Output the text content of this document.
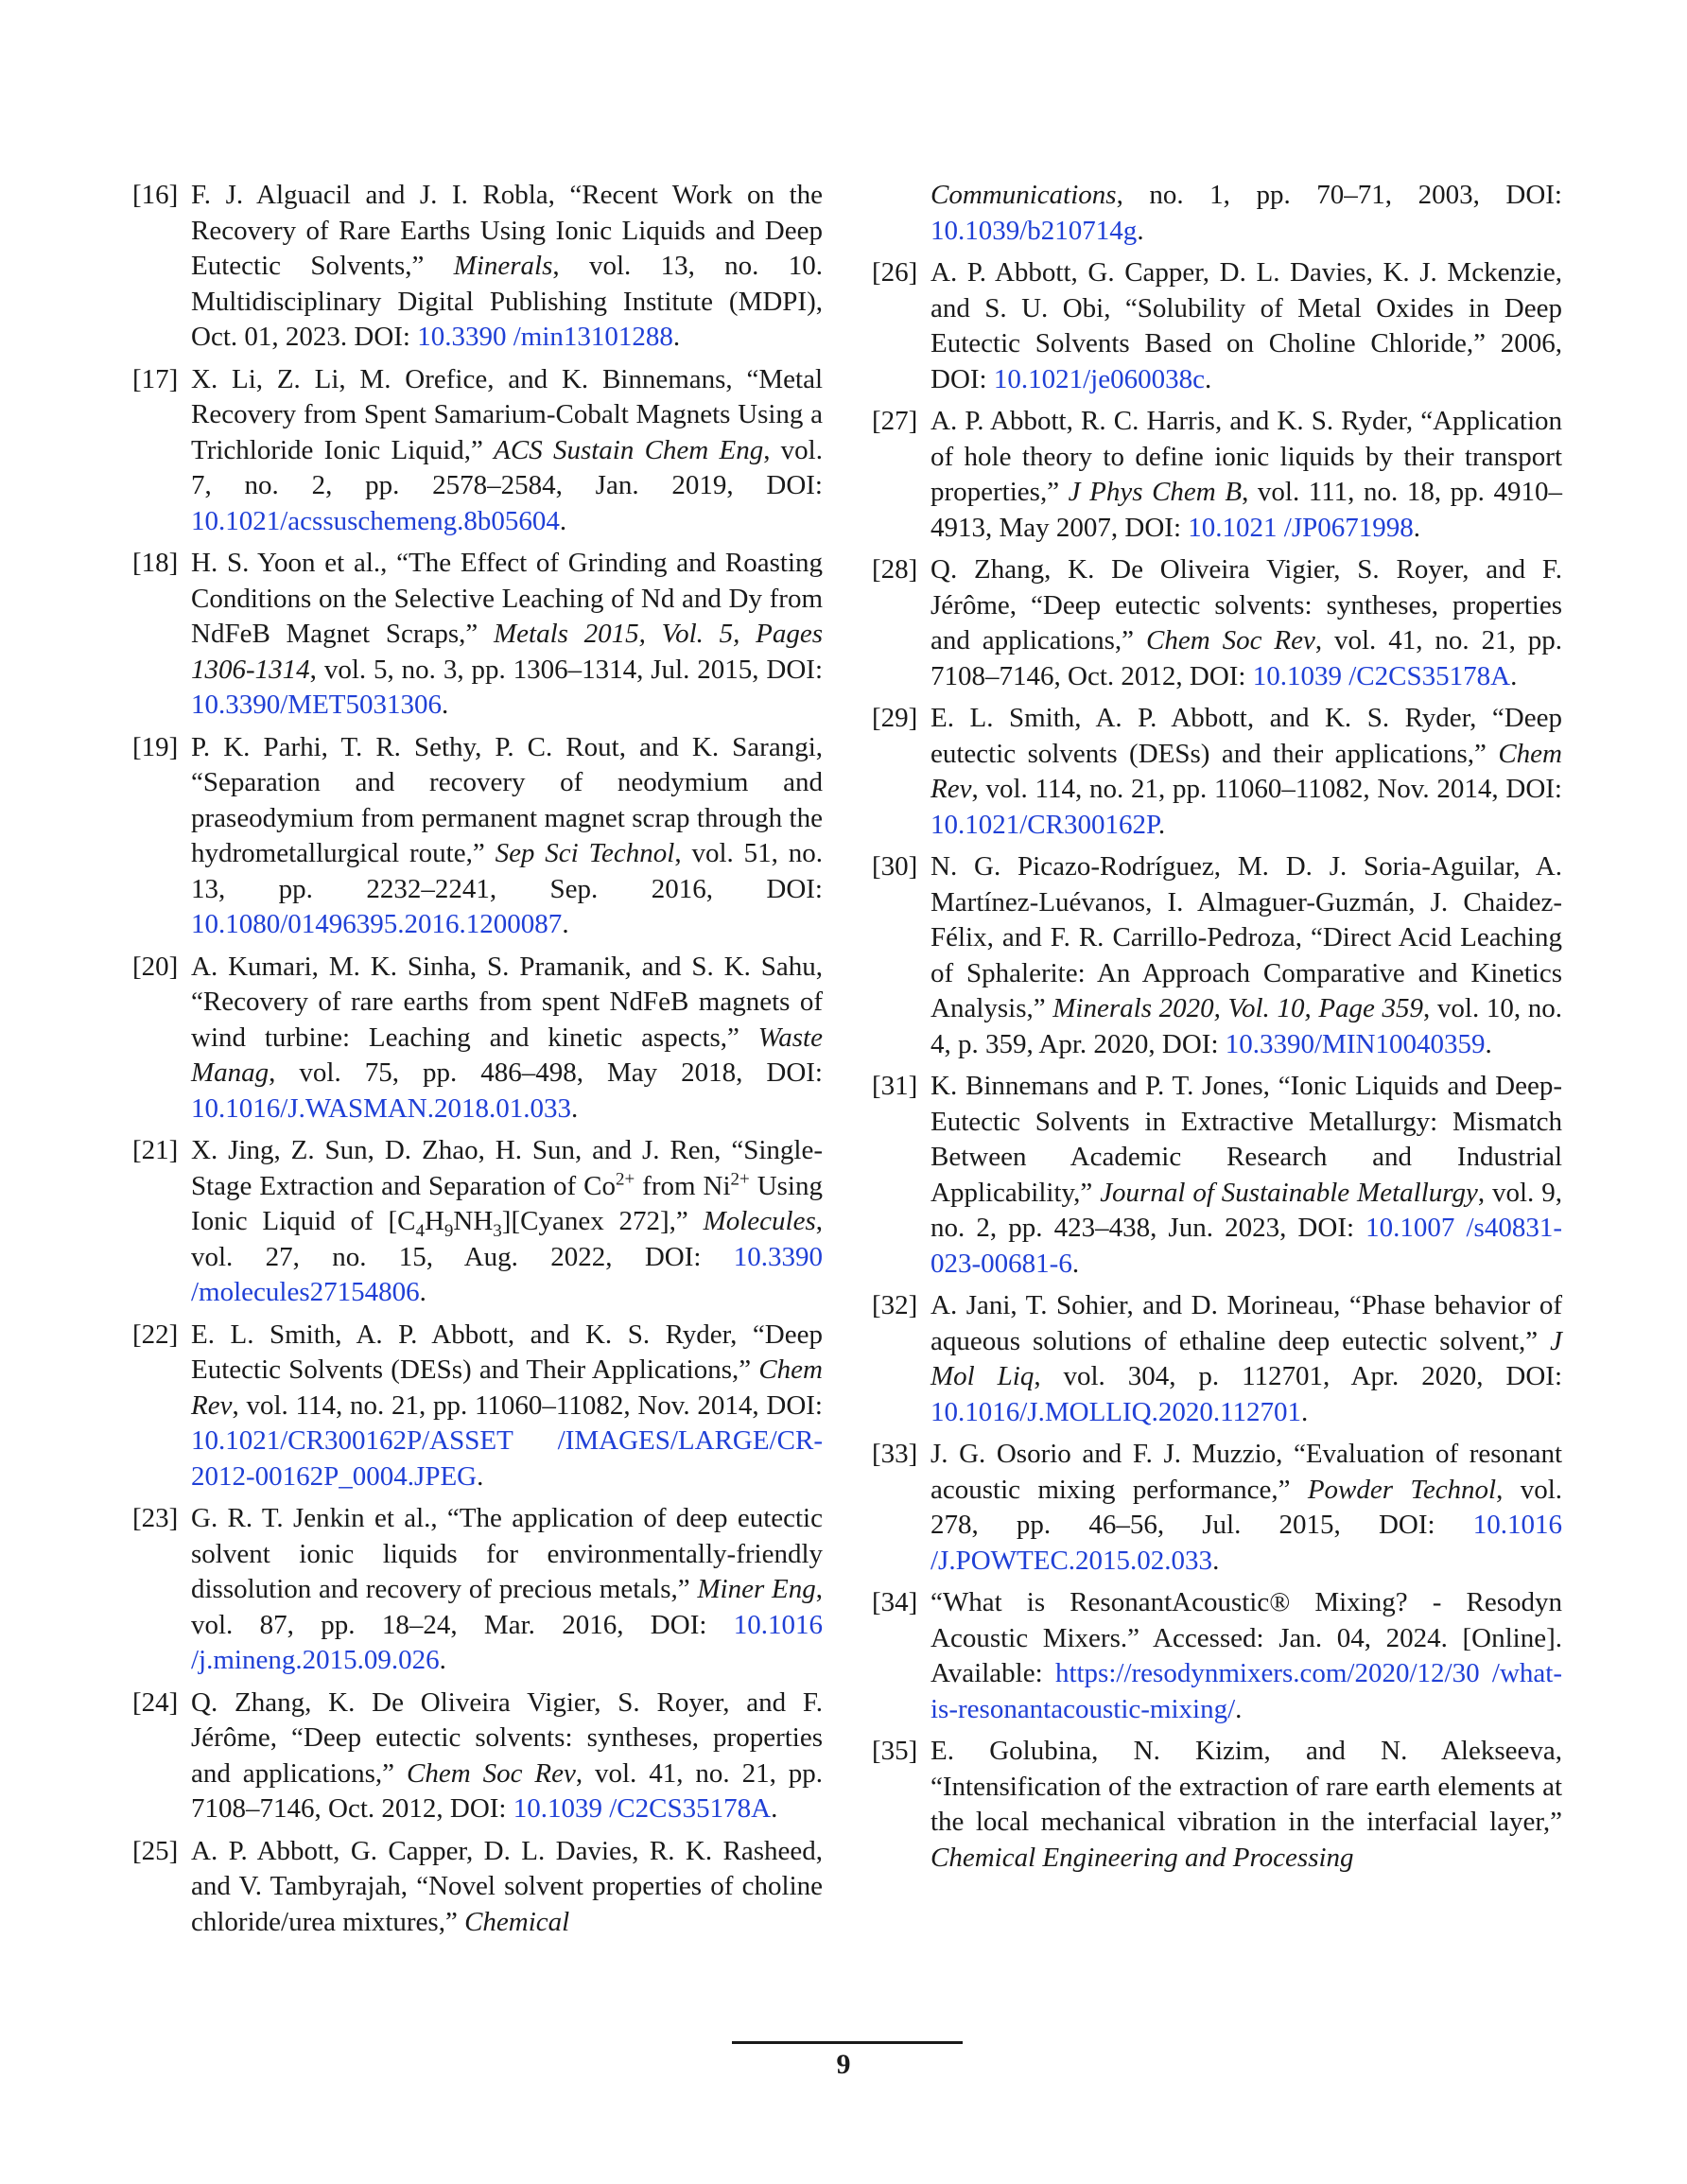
[16] F. J. Alguacil and J. I. Robla, “Recent Work on the Recovery of Rare Earths Using Ionic Liquids and Deep Eutectic Solvents,” Minerals, vol. 13, no. 10. Multidisciplinary Digital Publishing Institute (MDPI), Oct. 01, 2023. DOI: 10.3390 /min13101288.
[17] X. Li, Z. Li, M. Orefice, and K. Binnemans, “Metal Recovery from Spent Samarium-Cobalt Magnets Using a Trichloride Ionic Liquid,” ACS Sustain Chem Eng, vol. 7, no. 2, pp. 2578–2584, Jan. 2019, DOI: 10.1021/acssuschemeng.8b05604.
[18] H. S. Yoon et al., “The Effect of Grinding and Roasting Conditions on the Selective Leaching of Nd and Dy from NdFeB Magnet Scraps,” Metals 2015, Vol. 5, Pages 1306-1314, vol. 5, no. 3, pp. 1306–1314, Jul. 2015, DOI: 10.3390/MET5031306.
[19] P. K. Parhi, T. R. Sethy, P. C. Rout, and K. Sarangi, “Separation and recovery of neodymium and praseodymium from permanent magnet scrap through the hydrometallurgical route,” Sep Sci Technol, vol. 51, no. 13, pp. 2232–2241, Sep. 2016, DOI: 10.1080/01496395.2016.1200087.
[20] A. Kumari, M. K. Sinha, S. Pramanik, and S. K. Sahu, “Recovery of rare earths from spent NdFeB magnets of wind turbine: Leaching and kinetic aspects,” Waste Manag, vol. 75, pp. 486–498, May 2018, DOI: 10.1016/J.WASMAN.2018.01.033.
[21] X. Jing, Z. Sun, D. Zhao, H. Sun, and J. Ren, “Single-Stage Extraction and Separation of $Co^{2+}$ from $Ni^{2+}$ Using Ionic Liquid of $[C_4H_9NH_3][Cyanex$ 272],” Molecules, vol. 27, no. 15, Aug. 2022, DOI: 10.3390 /molecules27154806.
[22] E. L. Smith, A. P. Abbott, and K. S. Ryder, “Deep Eutectic Solvents (DESs) and Their Applications,” Chem Rev, vol. 114, no. 21, pp. 11060–11082, Nov. 2014, DOI: 10.1021/CR300162P/ASSET /IMAGES/LARGE/CR-2012-00162P_0004.JPEG.
[23] G. R. T. Jenkin et al., “The application of deep eutectic solvent ionic liquids for environmentally-friendly dissolution and recovery of precious metals,” Miner Eng, vol. 87, pp. 18–24, Mar. 2016, DOI: 10.1016 /j.mineng.2015.09.026.
[24] Q. Zhang, K. De Oliveira Vigier, S. Royer, and F. Jérôme, “Deep eutectic solvents: syntheses, properties and applications,” Chem Soc Rev, vol. 41, no. 21, pp. 7108–7146, Oct. 2012, DOI: 10.1039 /C2CS35178A.
[25] A. P. Abbott, G. Capper, D. L. Davies, R. K. Rasheed, and V. Tambyrajah, “Novel solvent properties of choline chloride/urea mixtures,” Chemical
Communications, no. 1, pp. 70–71, 2003, DOI: 10.1039/b210714g.
[26] A. P. Abbott, G. Capper, D. L. Davies, K. J. Mckenzie, and S. U. Obi, “Solubility of Metal Oxides in Deep Eutectic Solvents Based on Choline Chloride,” 2006, DOI: 10.1021/je060038c.
[27] A. P. Abbott, R. C. Harris, and K. S. Ryder, “Application of hole theory to define ionic liquids by their transport properties,” J Phys Chem B, vol. 111, no. 18, pp. 4910–4913, May 2007, DOI: 10.1021 /JP0671998.
[28] Q. Zhang, K. De Oliveira Vigier, S. Royer, and F. Jérôme, “Deep eutectic solvents: syntheses, properties and applications,” Chem Soc Rev, vol. 41, no. 21, pp. 7108–7146, Oct. 2012, DOI: 10.1039 /C2CS35178A.
[29] E. L. Smith, A. P. Abbott, and K. S. Ryder, “Deep eutectic solvents (DESs) and their applications,” Chem Rev, vol. 114, no. 21, pp. 11060–11082, Nov. 2014, DOI: 10.1021/CR300162P.
[30] N. G. Picazo-Rodríguez, M. D. J. Soria-Aguilar, A. Martínez-Luévanos, I. Almaguer-Guzmán, J. Chaidez-Félix, and F. R. Carrillo-Pedroza, “Direct Acid Leaching of Sphalerite: An Approach Comparative and Kinetics Analysis,” Minerals 2020, Vol. 10, Page 359, vol. 10, no. 4, p. 359, Apr. 2020, DOI: 10.3390/MIN10040359.
[31] K. Binnemans and P. T. Jones, “Ionic Liquids and Deep-Eutectic Solvents in Extractive Metallurgy: Mismatch Between Academic Research and Industrial Applicability,” Journal of Sustainable Metallurgy, vol. 9, no. 2, pp. 423–438, Jun. 2023, DOI: 10.1007 /s40831-023-00681-6.
[32] A. Jani, T. Sohier, and D. Morineau, “Phase behavior of aqueous solutions of ethaline deep eutectic solvent,” J Mol Liq, vol. 304, p. 112701, Apr. 2020, DOI: 10.1016/J.MOLLIQ.2020.112701.
[33] J. G. Osorio and F. J. Muzzio, “Evaluation of resonant acoustic mixing performance,” Powder Technol, vol. 278, pp. 46–56, Jul. 2015, DOI: 10.1016 /J.POWTEC.2015.02.033.
[34] “What is ResonantAcoustic® Mixing? - Resodyn Acoustic Mixers.” Accessed: Jan. 04, 2024. [Online]. Available: https://resodynmixers.com/2020/12/30 /what-is-resonantacoustic-mixing/.
[35] E. Golubina, N. Kizim, and N. Alekseeva, “Intensification of the extraction of rare earth elements at the local mechanical vibration in the interfacial layer,” Chemical Engineering and Processing
9
